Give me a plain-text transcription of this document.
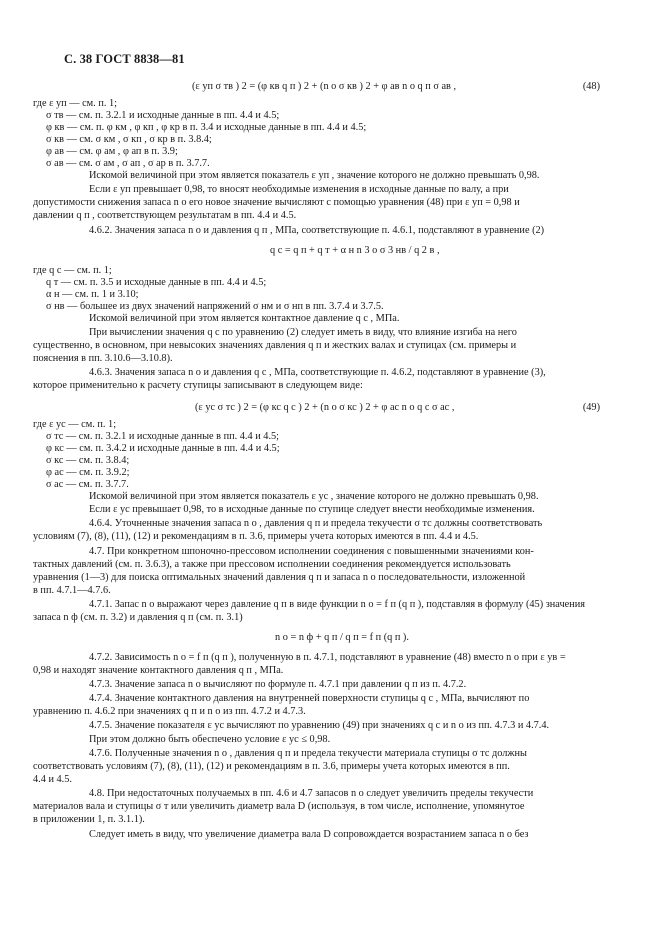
С. 38 ГОСТ 8838—81
(ε уп σ тв ) 2 = (φ кв q п ) 2 + (n о σ кв ) 2 + φ ав n о q п σ ав ,	(48)
где ε уп — см. п. 1;
σ тв — см. п. 3.2.1 и исходные данные в пп. 4.4 и 4.5;
φ кв — см. п. φ км , φ кп , φ кр в п. 3.4 и исходные данные в пп. 4.4 и 4.5;
σ кв — см. σ км , σ кп , σ кр в п. 3.8.4;
φ ав — см. φ ам , φ ап в п. 3.9;
σ ав — см. σ ам , σ ап , σ ар в п. 3.7.7.
Искомой величиной при этом является показатель ε уп , значение которого не должно превышать 0,98.
Если ε уп превышает 0,98, то вносят необходимые изменения в исходные данные по валу, а при
допустимости снижения запаса n о его новое значение вычисляют с помощью уравнения (48) при ε уп = 0,98 и
давлении q п , соответствующем результатам в пп. 4.4 и 4.5.
4.6.2. Значения запаса n о и давления q п , МПа, соответствующие п. 4.6.1, подставляют в уравнение (2)
q с = q п + q т + α н n 3 о σ 3 нв / q 2 в ,
где q с — см. п. 1;
q т — см. п. 3.5 и исходные данные в пп. 4.4 и 4.5;
α н — см. п. 1 и 3.10;
σ нв — большее из двух значений напряжений σ нм и σ нп в пп. 3.7.4 и 3.7.5.
Искомой величиной при этом является контактное давление q с , МПа.
При вычислении значения q с по уравнению (2) следует иметь в виду, что влияние изгиба на него
существенно, в основном, при невысоких значениях давления q п и жестких валах и ступицах (см. примеры и
пояснения в пп. 3.10.6—3.10.8).
4.6.3. Значения запаса n о и давления q с , МПа, соответствующие п. 4.6.2, подставляют в уравнение (3),
которое применительно к расчету ступицы записывают в следующем виде:
(ε ус σ тс ) 2 = (φ кс q с ) 2 + (n о σ кс ) 2 + φ ас n о q с σ ас ,	(49)
где ε ус — см. п. 1;
σ тс — см. п. 3.2.1 и исходные данные в пп. 4.4 и 4.5;
φ кс — см. п. 3.4.2 и исходные данные в пп. 4.4 и 4.5;
σ кс — см. п. 3.8.4;
φ ас — см. п. 3.9.2;
σ ас — см. п. 3.7.7.
Искомой величиной при этом является показатель ε ус , значение которого не должно превышать 0,98.
Если ε ус превышает 0,98, то в исходные данные по ступице следует внести необходимые изменения.
4.6.4. Уточненные значения запаса n о , давления q п и предела текучести σ тс должны соответствовать
условиям (7), (8), (11), (12) и рекомендациям в п. 3.6, примеры учета которых имеются в пп. 4.4 и 4.5.
4.7. При конкретном шпоночно-прессовом исполнении соединения с повышенными значениями кон-
тактных давлений (см. п. 3.6.3), а также при прессовом исполнении соединения рекомендуется использовать
уравнения (1—3) для поиска оптимальных значений давления q п и запаса n о последовательности, изложенной
в пп. 4.7.1—4.7.6.
4.7.1. Запас n о выражают через давление q п в виде функции n о = f п (q п ), подставляя в формулу (45) значения
запаса n ф (см. п. 3.2) и давления q п (см. п. 3.1)
n о = n ф + q п / q п = f п (q п ).
4.7.2. Зависимость n о = f п (q п ), полученную в п. 4.7.1, подставляют в уравнение (48) вместо n о при ε ув =
0,98 и находят значение контактного давления q п , МПа.
4.7.3. Значение запаса n о вычисляют по формуле п. 4.7.1 при давлении q п из п. 4.7.2.
4.7.4. Значение контактного давления на внутренней поверхности ступицы q с , МПа, вычисляют по
уравнению п. 4.6.2 при значениях q п и n о из пп. 4.7.2 и 4.7.3.
4.7.5. Значение показателя ε ус вычисляют по уравнению (49) при значениях q с и n о из пп. 4.7.3 и 4.7.4.
При этом должно быть обеспечено условие ε ус ≤ 0,98.
4.7.6. Полученные значения n о , давления q п и предела текучести материала ступицы σ тс должны
соответствовать условиям (7), (8), (11), (12) и рекомендациям в п. 3.6, примеры учета которых имеются в пп.
4.4 и 4.5.
4.8. При недостаточных получаемых в пп. 4.6 и 4.7 запасов n о следует увеличить пределы текучести
материалов вала и ступицы σ т или увеличить диаметр вала D (используя, в том числе, исполнение, упомянутое
в приложении 1, п. 3.1.1).
Следует иметь в виду, что увеличение диаметра вала D сопровождается возрастанием запаса n о без
